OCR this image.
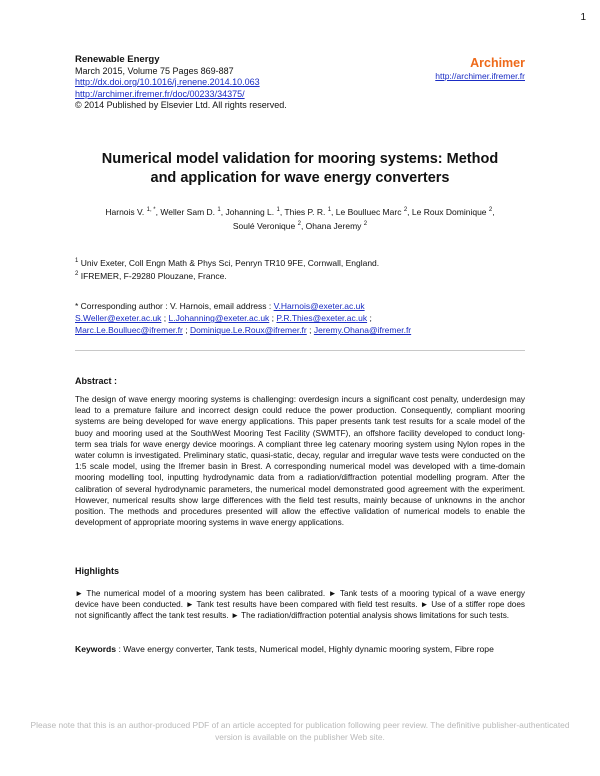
1
Renewable Energy
March 2015, Volume 75 Pages 869-887
http://dx.doi.org/10.1016/j.renene.2014.10.063
http://archimer.ifremer.fr/doc/00233/34375/
© 2014 Published by Elsevier Ltd. All rights reserved.
Archimer
http://archimer.ifremer.fr
Numerical model validation for mooring systems: Method
and application for wave energy converters
Harnois V. $^{1, *}$, Weller Sam D. $^1$, Johanning L. $^1$, Thies P. R. $^1$, Le Boulluec Marc $^2$, Le Roux Dominique $^2$,
Soulé Veronique $^2$, Ohana Jeremy $^2$
$^1$ Univ Exeter, Coll Engn Math & Phys Sci, Penryn TR10 9FE, Cornwall, England.
$^2$ IFREMER, F-29280 Plouzane, France.
* Corresponding author : V. Harnois, email address : V.Harnois@exeter.ac.uk
S.Weller@exeter.ac.uk ; L.Johanning@exeter.ac.uk ; P.R.Thies@exeter.ac.uk ;
Marc.Le.Boulluec@ifremer.fr ; Dominique.Le.Roux@ifremer.fr ; Jeremy.Ohana@ifremer.fr
Abstract :
The design of wave energy mooring systems is challenging: overdesign incurs a significant cost penalty, underdesign may lead to a premature failure and incorrect design could reduce the power production. Consequently, compliant mooring systems are being developed for wave energy applications. This paper presents tank test results for a scale model of the buoy and mooring used at the SouthWest Mooring Test Facility (SWMTF), an offshore facility developed to conduct long-term sea trials for wave energy device moorings. A compliant three leg catenary mooring system using Nylon ropes in the water column is investigated. Preliminary static, quasi-static, decay, regular and irregular wave tests were conducted on the 1:5 scale model, using the Ifremer basin in Brest. A corresponding numerical model was developed with a time-domain mooring modelling tool, inputting hydrodynamic data from a radiation/diffraction potential modelling program. After the calibration of several hydrodynamic parameters, the numerical model demonstrated good agreement with the experiment. However, numerical results show large differences with the field test results, mainly because of unknowns in the anchor position. The methods and procedures presented will allow the effective validation of numerical models to enable the development of appropriate mooring systems in wave energy applications.
Highlights
► The numerical model of a mooring system has been calibrated. ► Tank tests of a mooring typical of a wave energy device have been conducted. ► Tank test results have been compared with field test results. ► Use of a stiffer rope does not significantly affect the tank test results. ► The radiation/diffraction potential analysis shows limitations for such tests.
Keywords : Wave energy converter, Tank tests, Numerical model, Highly dynamic mooring system, Fibre rope
Please note that this is an author-produced PDF of an article accepted for publication following peer review. The definitive publisher-authenticated version is available on the publisher Web site.
